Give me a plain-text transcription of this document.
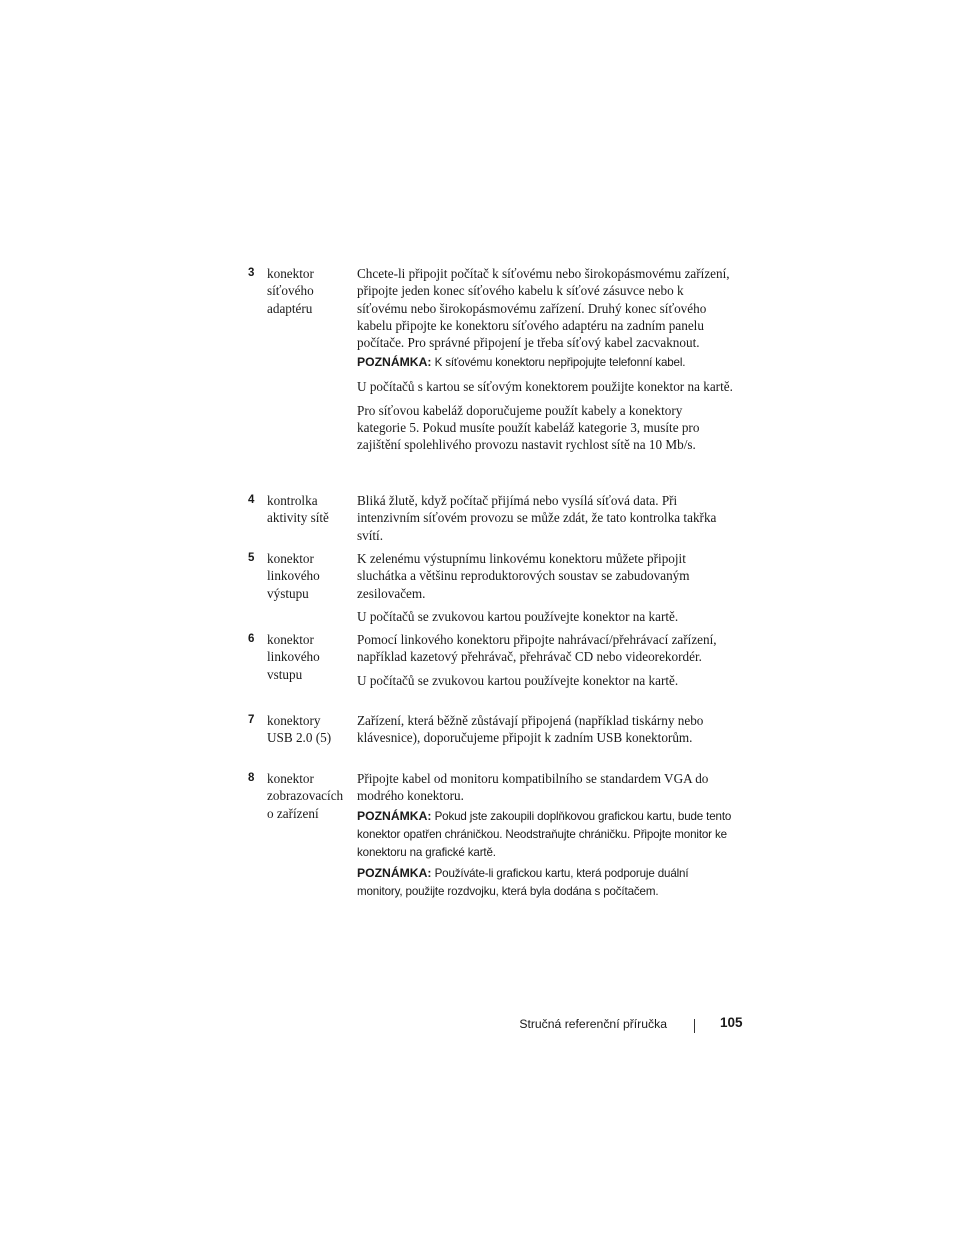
3 konektor
síťového
adaptéru

Chcete-li připojit počítač k síťovému nebo širokopásmovému zařízení, připojte jeden konec síťového kabelu k síťové zásuvce nebo k síťovému nebo širokopásmovému zařízení. Druhý konec síťového kabelu připojte ke konektoru síťového adaptéru na zadním panelu počítače. Pro správné připojení je třeba síťový kabel zacvaknout.

POZNÁMKA: K síťovému konektoru nepřipojujte telefonní kabel.

U počítačů s kartou se síťovým konektorem použijte konektor na kartě.

Pro síťovou kabeláž doporučujeme použít kabely a konektory kategorie 5. Pokud musíte použít kabeláž kategorie 3, musíte pro zajištění spolehlivého provozu nastavit rychlost sítě na 10 Mb/s.

4 kontrolka
aktivity sítě

Bliká žlutě, když počítač přijímá nebo vysílá síťová data. Při intenzivním síťovém provozu se může zdát, že tato kontrolka takřka svítí.

5 konektor
linkového
výstupu

K zelenému výstupnímu linkovému konektoru můžete připojit sluchátka a většinu reproduktorových soustav se zabudovaným zesilovačem.

U počítačů se zvukovou kartou používejte konektor na kartě.

6 konektor
linkového
vstupu

Pomocí linkového konektoru připojte nahrávací/přehrávací zařízení, například kazetový přehrávač, přehrávač CD nebo videorekordér.

U počítačů se zvukovou kartou používejte konektor na kartě.

7 konektory
USB 2.0 (5)

Zařízení, která běžně zůstávají připojená (například tiskárny nebo klávesnice), doporučujeme připojit k zadním USB konektorům.

8 konektor
zobrazovacích
o zařízení

Připojte kabel od monitoru kompatibilního se standardem VGA do modrého konektoru.

POZNÁMKA: Pokud jste zakoupili doplňkovou grafickou kartu, bude tento konektor opatřen chráničkou. Neodstraňujte chráničku. Připojte monitor ke konektoru na grafické kartě.
POZNÁMKA: Používáte-li grafickou kartu, která podporuje duální monitory, použijte rozdvojku, která byla dodána s počítačem.
Stručná referenční příručka	105
